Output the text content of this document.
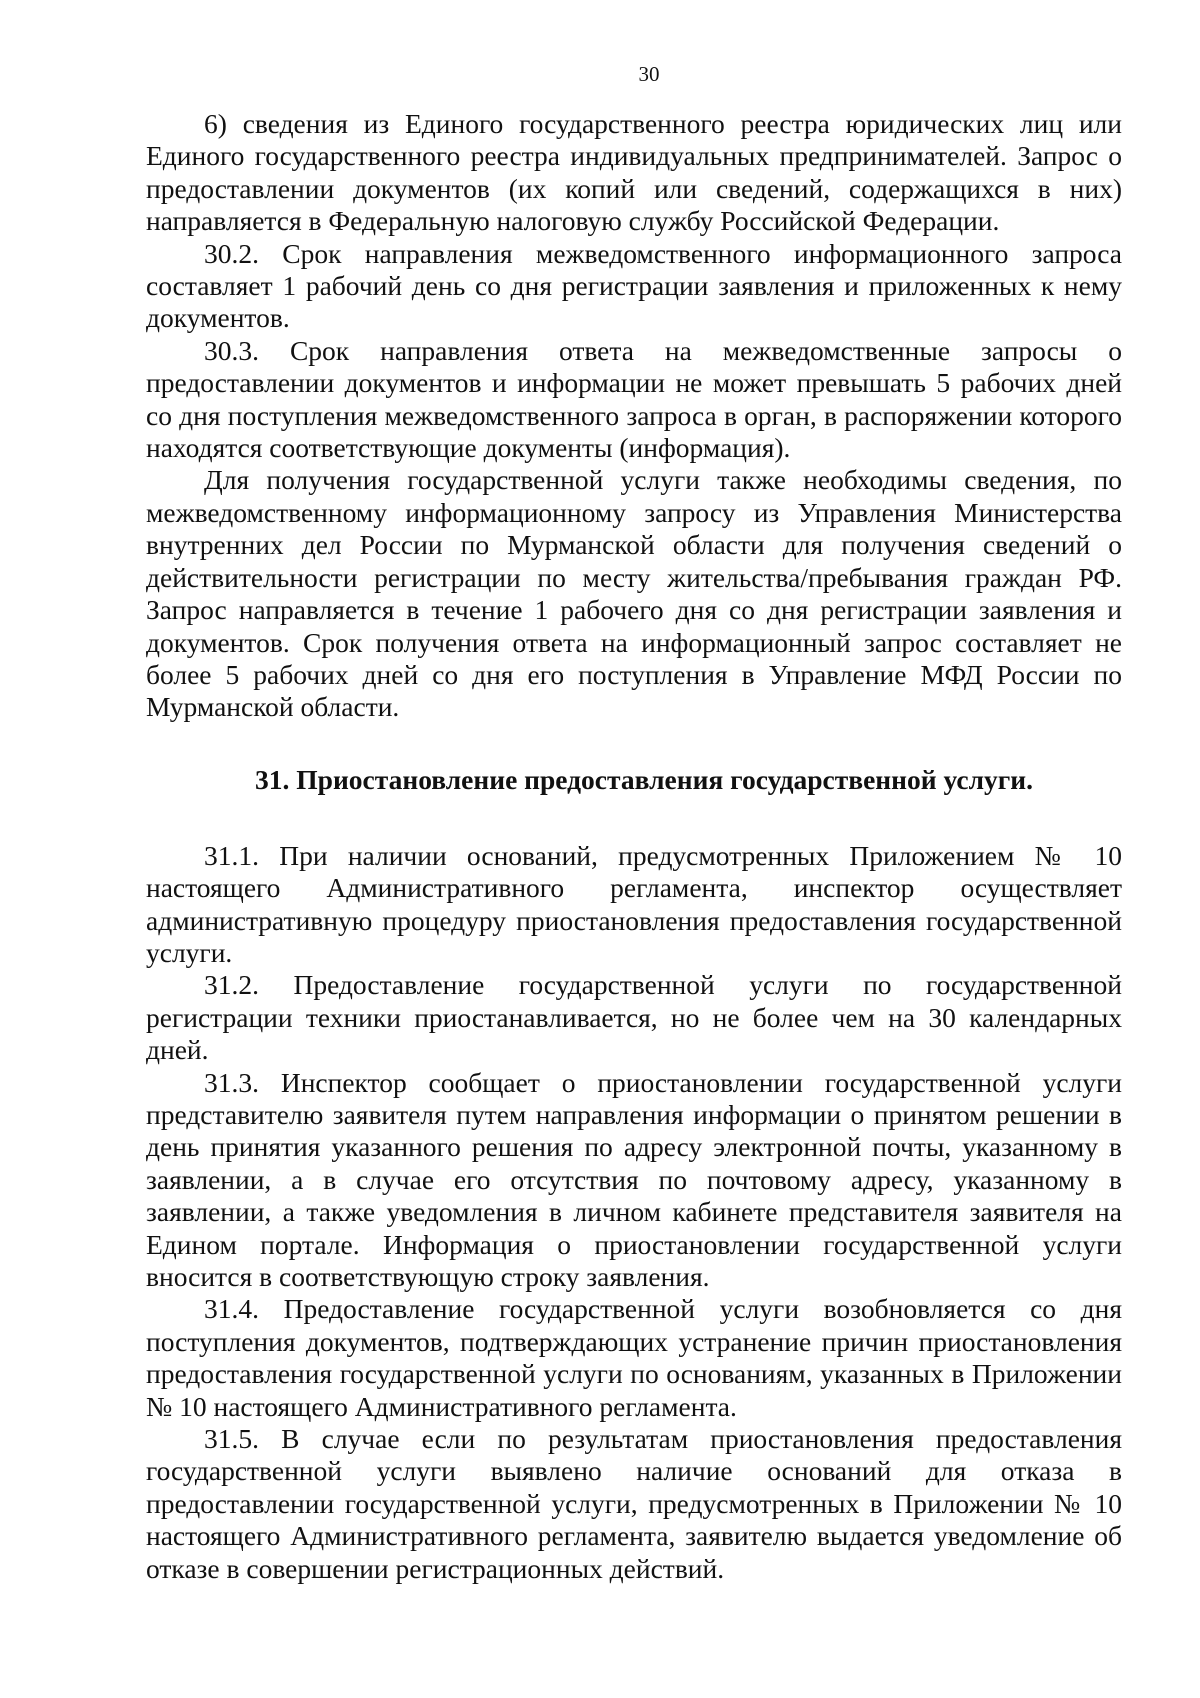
30

6) сведения из Единого государственного реестра юридических лиц или Единого государственного реестра индивидуальных предпринимателей. Запрос о предоставлении документов (их копий или сведений, содержащихся в них) направляется в Федеральную налоговую службу Российской Федерации.

30.2. Срок направления межведомственного информационного запроса составляет 1 рабочий день со дня регистрации заявления и приложенных к нему документов.

30.3. Срок направления ответа на межведомственные запросы о предоставлении документов и информации не может превышать 5 рабочих дней со дня поступления межведомственного запроса в орган, в распоряжении которого находятся соответствующие документы (информация).

Для получения государственной услуги также необходимы сведения, по межведомственному информационному запросу из Управления Министерства внутренних дел России по Мурманской области для получения сведений о действительности регистрации по месту жительства/пребывания граждан РФ. Запрос направляется в течение 1 рабочего дня со дня регистрации заявления и документов. Срок получения ответа на информационный запрос составляет не более 5 рабочих дней со дня его поступления в Управление МФД России по Мурманской области.

31. Приостановление предоставления государственной услуги.

31.1. При наличии оснований, предусмотренных Приложением № 10 настоящего Административного регламента, инспектор осуществляет административную процедуру приостановления предоставления государственной услуги.

31.2. Предоставление государственной услуги по государственной регистрации техники приостанавливается, но не более чем на 30 календарных дней.

31.3. Инспектор сообщает о приостановлении государственной услуги представителю заявителя путем направления информации о принятом решении в день принятия указанного решения по адресу электронной почты, указанному в заявлении, а в случае его отсутствия по почтовому адресу, указанному в заявлении, а также уведомления в личном кабинете представителя заявителя на Едином портале. Информация о приостановлении государственной услуги вносится в соответствующую строку заявления.

31.4. Предоставление государственной услуги возобновляется со дня поступления документов, подтверждающих устранение причин приостановления предоставления государственной услуги по основаниям, указанных в Приложении № 10 настоящего Административного регламента.

31.5. В случае если по результатам приостановления предоставления государственной услуги выявлено наличие оснований для отказа в предоставлении государственной услуги, предусмотренных в Приложении № 10 настоящего Административного регламента, заявителю выдается уведомление об отказе в совершении регистрационных действий.
